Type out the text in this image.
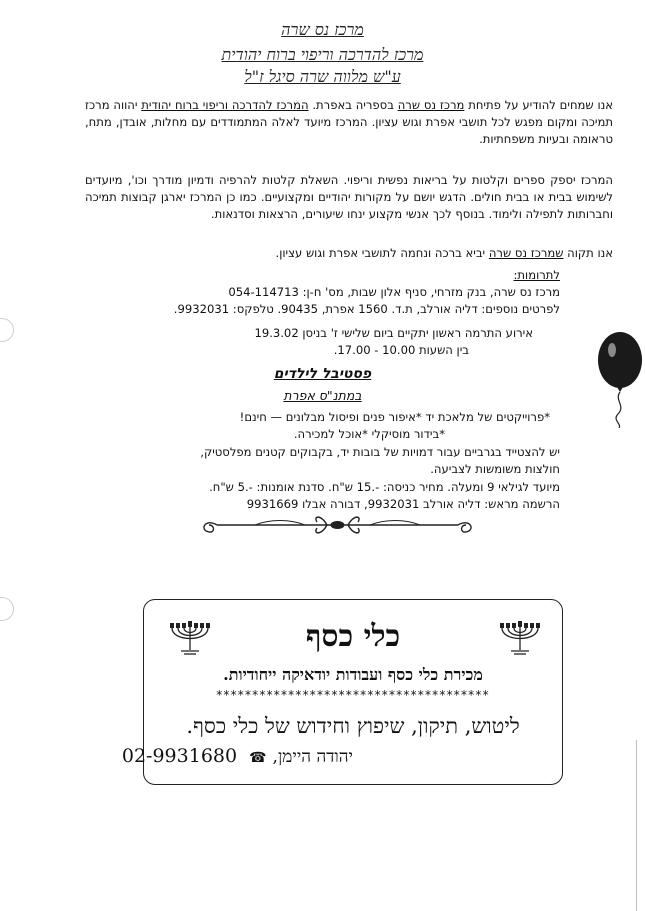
מרכז נס שרה
מרכז להדרכה וריפוי ברוח יהודית
ע"ש מלווה שרה סיגל ז"ל
אנו שמחים להודיע על פתיחת מרכז נס שרה בספריה באפרת. המרכז להדרכה וריפוי ברוח יהודית יהווה מרכז תמיכה ומקום מפגש לכל תושבי אפרת וגוש עציון. המרכז מיועד לאלה המתמודדים עם מחלות, אובדן, מתח, טראומה ובעיות משפחתיות.
המרכז יספק ספרים וקלטות על בריאות נפשית וריפוי. השאלת קלטות להרפיה ודמיון מודרך וכו', מיועדים לשימוש בבית או בבית חולים. הדגש יושם על מקורות יהודיים ומקצועיים. כמו כן המרכז יארגן קבוצות תמיכה וחברותות לתפילה ולימוד. בנוסף לכך אנשי מקצוע ינחו שיעורים, הרצאות וסדנאות.
אנו תקוה שמרכז נס שרה יביא ברכה ונחמה לתושבי אפרת וגוש עציון.
לתרומות:
מרכז נס שרה, בנק מזרחי, סניף אלון שבות, מס' ח-ן: 054-114713
לפרטים נוספים: דליה אורלב, ת.ד. 1560 אפרת, 90435. טלפקס: 9932031.
אירוע התרמה ראשון יתקיים ביום שלישי ז' בניסן 19.3.02
בין השעות 10.00 - 17.00.
פסטיבל לילדים
במתנ"ס אפרת
*פרוייקטים של מלאכת יד *איפור פנים ופיסול מבלונים — חינם!
*בידור מוסיקלי *אוכל למכירה.
יש להצטייד בגרביים עבור דמויות של בובות יד, בקבוקים קטנים מפלסטיק,
חולצות משומשות לצביעה.
מיועד לגילאי 9 ומעלה. מחיר כניסה: -.15 ש"ח. סדנת אומנות: -.5 ש"ח.
הרשמה מראש: דליה אורלב 9932031, דבורה אבלו 9931669
כלי כסף
מכירת כלי כסף ועבודות יודאיקה ייחודיות.
**************************************
ליטוש, תיקון, שיפוץ וחידוש של כלי כסף.
יהודה היימן,☎02-9931680
